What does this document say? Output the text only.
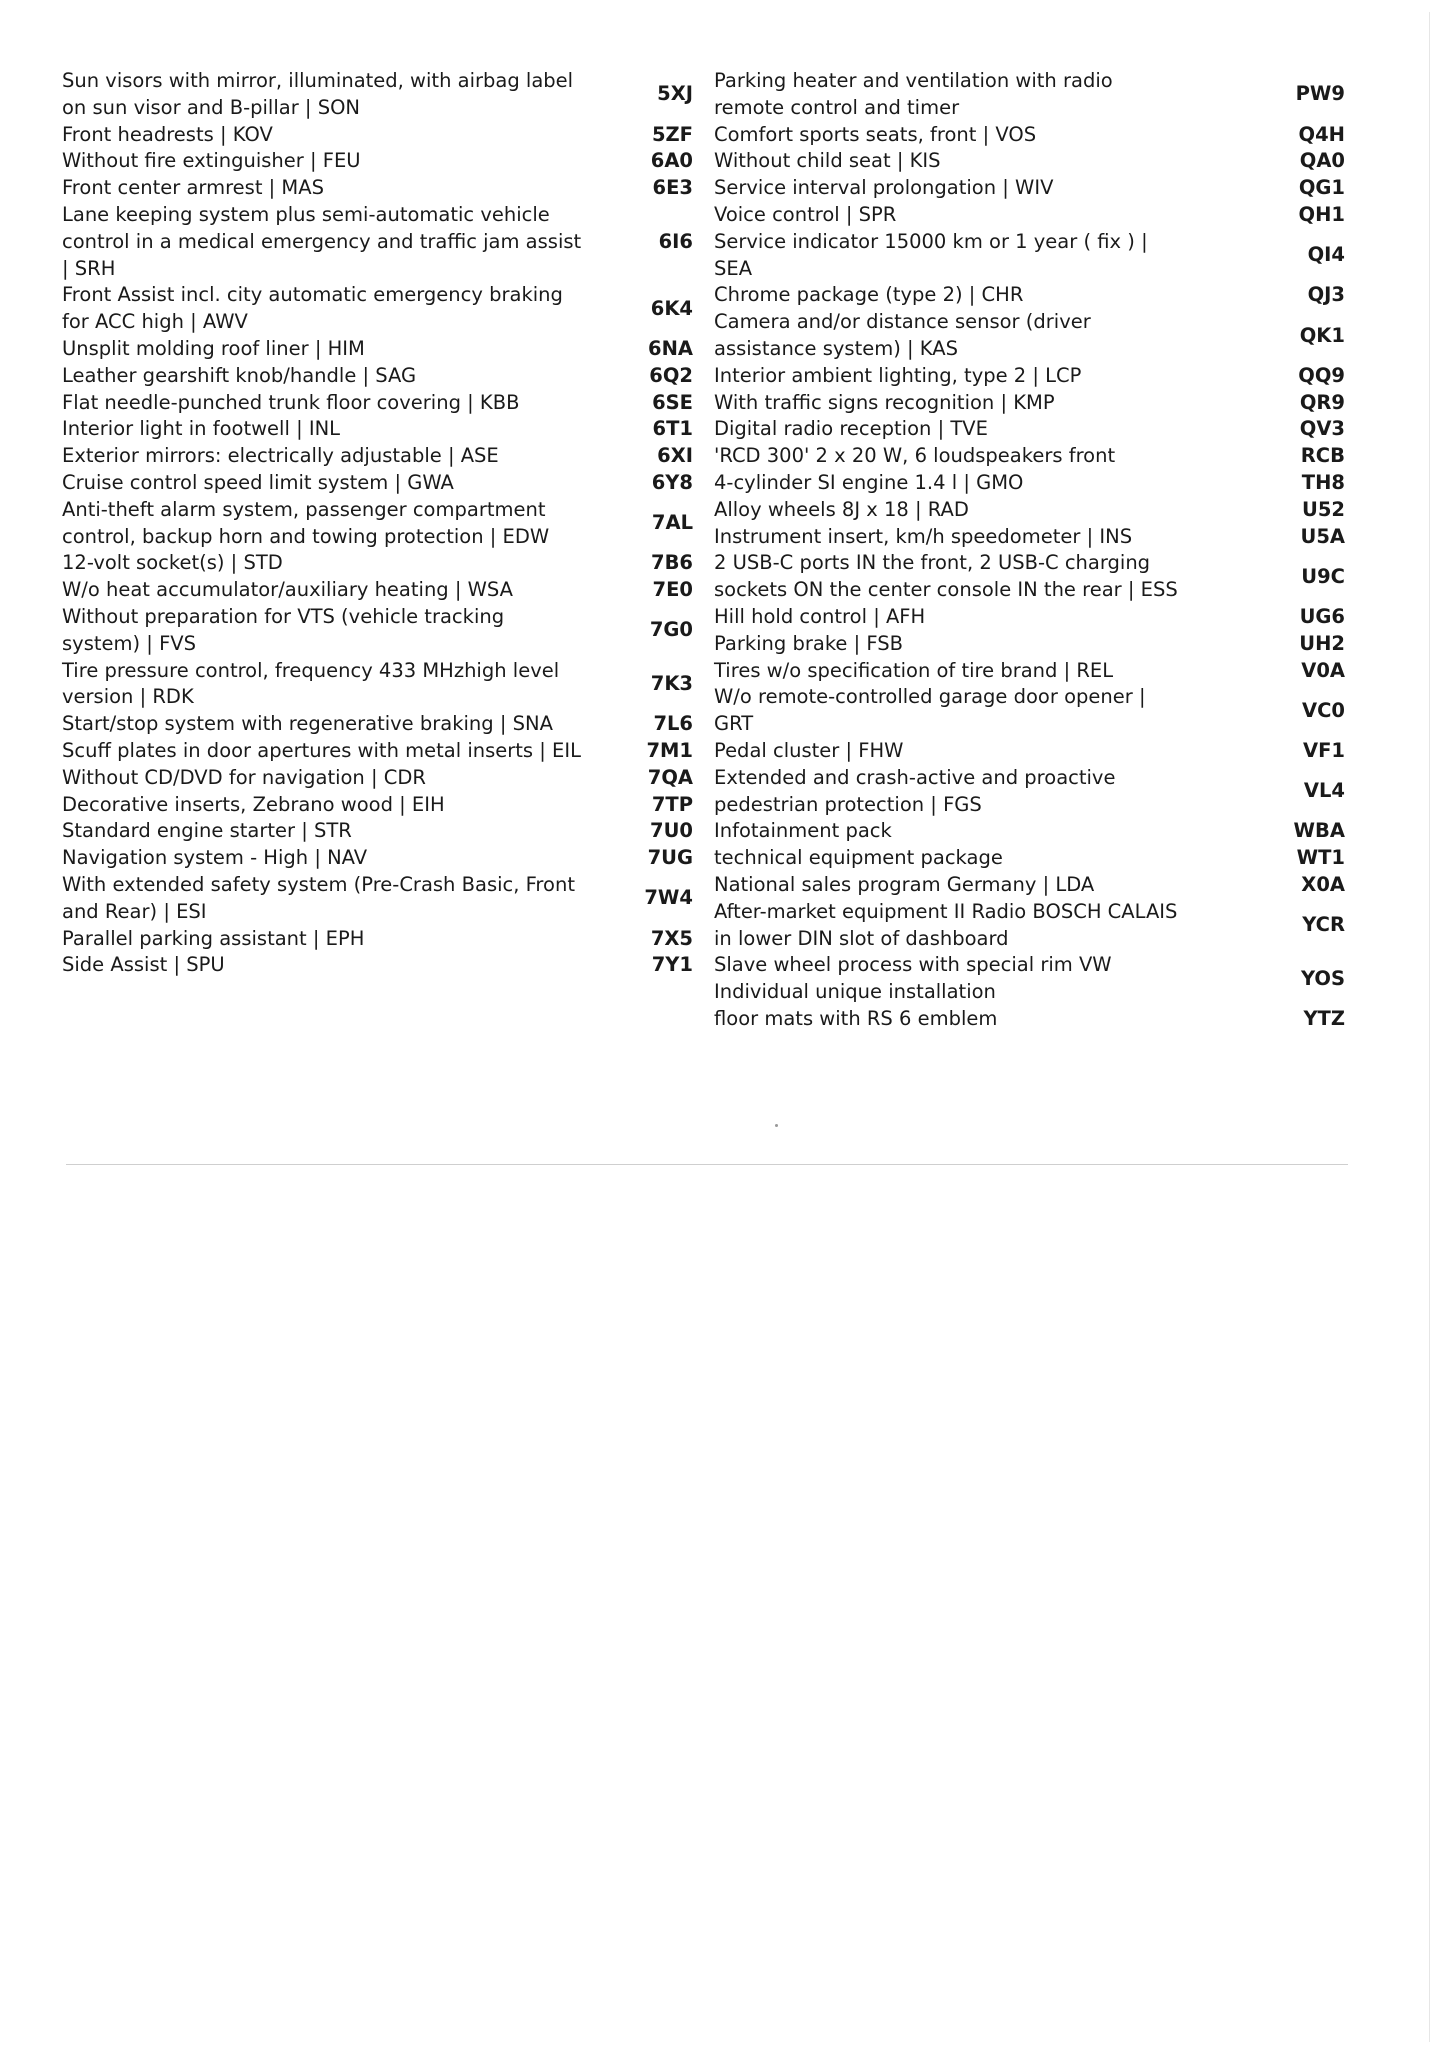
Sun visors with mirror, illuminated, with airbag label on sun visor and B-pillar | SON
5XJ
Front headrests | KOV	5ZF
Without fire extinguisher | FEU	6A0
Front center armrest | MAS	6E3
Lane keeping system plus semi-automatic vehicle control in a medical emergency and traffic jam assist | SRH
6I6
Front Assist incl. city automatic emergency braking for ACC high | AWV
6K4
Unsplit molding roof liner | HIM	6NA
Leather gearshift knob/handle | SAG	6Q2
Flat needle-punched trunk floor covering | KBB	6SE
Interior light in footwell | INL	6T1
Exterior mirrors: electrically adjustable | ASE	6XI
Cruise control speed limit system | GWA	6Y8
Anti-theft alarm system, passenger compartment control, backup horn and towing protection | EDW
7AL
12-volt socket(s) | STD	7B6
W/o heat accumulator/auxiliary heating | WSA	7E0
Without preparation for VTS (vehicle tracking system) | FVS
7G0
Tire pressure control, frequency 433 MHzhigh level version | RDK
7K3
Start/stop system with regenerative braking | SNA	7L6
Scuff plates in door apertures with metal inserts | EIL	7M1
Without CD/DVD for navigation | CDR	7QA
Decorative inserts, Zebrano wood | EIH	7TP
Standard engine starter | STR	7U0
Navigation system - High | NAV	7UG
With extended safety system (Pre-Crash Basic, Front and Rear) | ESI
7W4
Parallel parking assistant | EPH	7X5
Side Assist | SPU	7Y1
Parking heater and ventilation with radio remote control and timer
PW9
Comfort sports seats, front | VOS	Q4H
Without child seat | KIS	QA0
Service interval prolongation | WIV	QG1
Voice control | SPR	QH1
Service indicator 15000 km or 1 year ( fix ) | SEA
QI4
Chrome package (type 2) | CHR	QJ3
Camera and/or distance sensor (driver assistance system) | KAS
QK1
Interior ambient lighting, type 2 | LCP	QQ9
With traffic signs recognition | KMP	QR9
Digital radio reception | TVE	QV3
'RCD 300' 2 x 20 W, 6 loudspeakers front	RCB
4-cylinder SI engine 1.4 l | GMO	TH8
Alloy wheels 8J x 18 | RAD	U52
Instrument insert, km/h speedometer | INS	U5A
2 USB-C ports IN the front, 2 USB-C charging sockets ON the center console IN the rear | ESS
U9C
Hill hold control | AFH	UG6
Parking brake | FSB	UH2
Tires w/o specification of tire brand | REL	V0A
W/o remote-controlled garage door opener | GRT
VC0
Pedal cluster | FHW	VF1
Extended and crash-active and proactive pedestrian protection | FGS
VL4
Infotainment pack	WBA
technical equipment package	WT1
National sales program Germany | LDA	X0A
After-market equipment II Radio BOSCH CALAIS in lower DIN slot of dashboard
YCR
Slave wheel process with special rim VW Individual unique installation
YOS
floor mats with RS 6 emblem	YTZ
